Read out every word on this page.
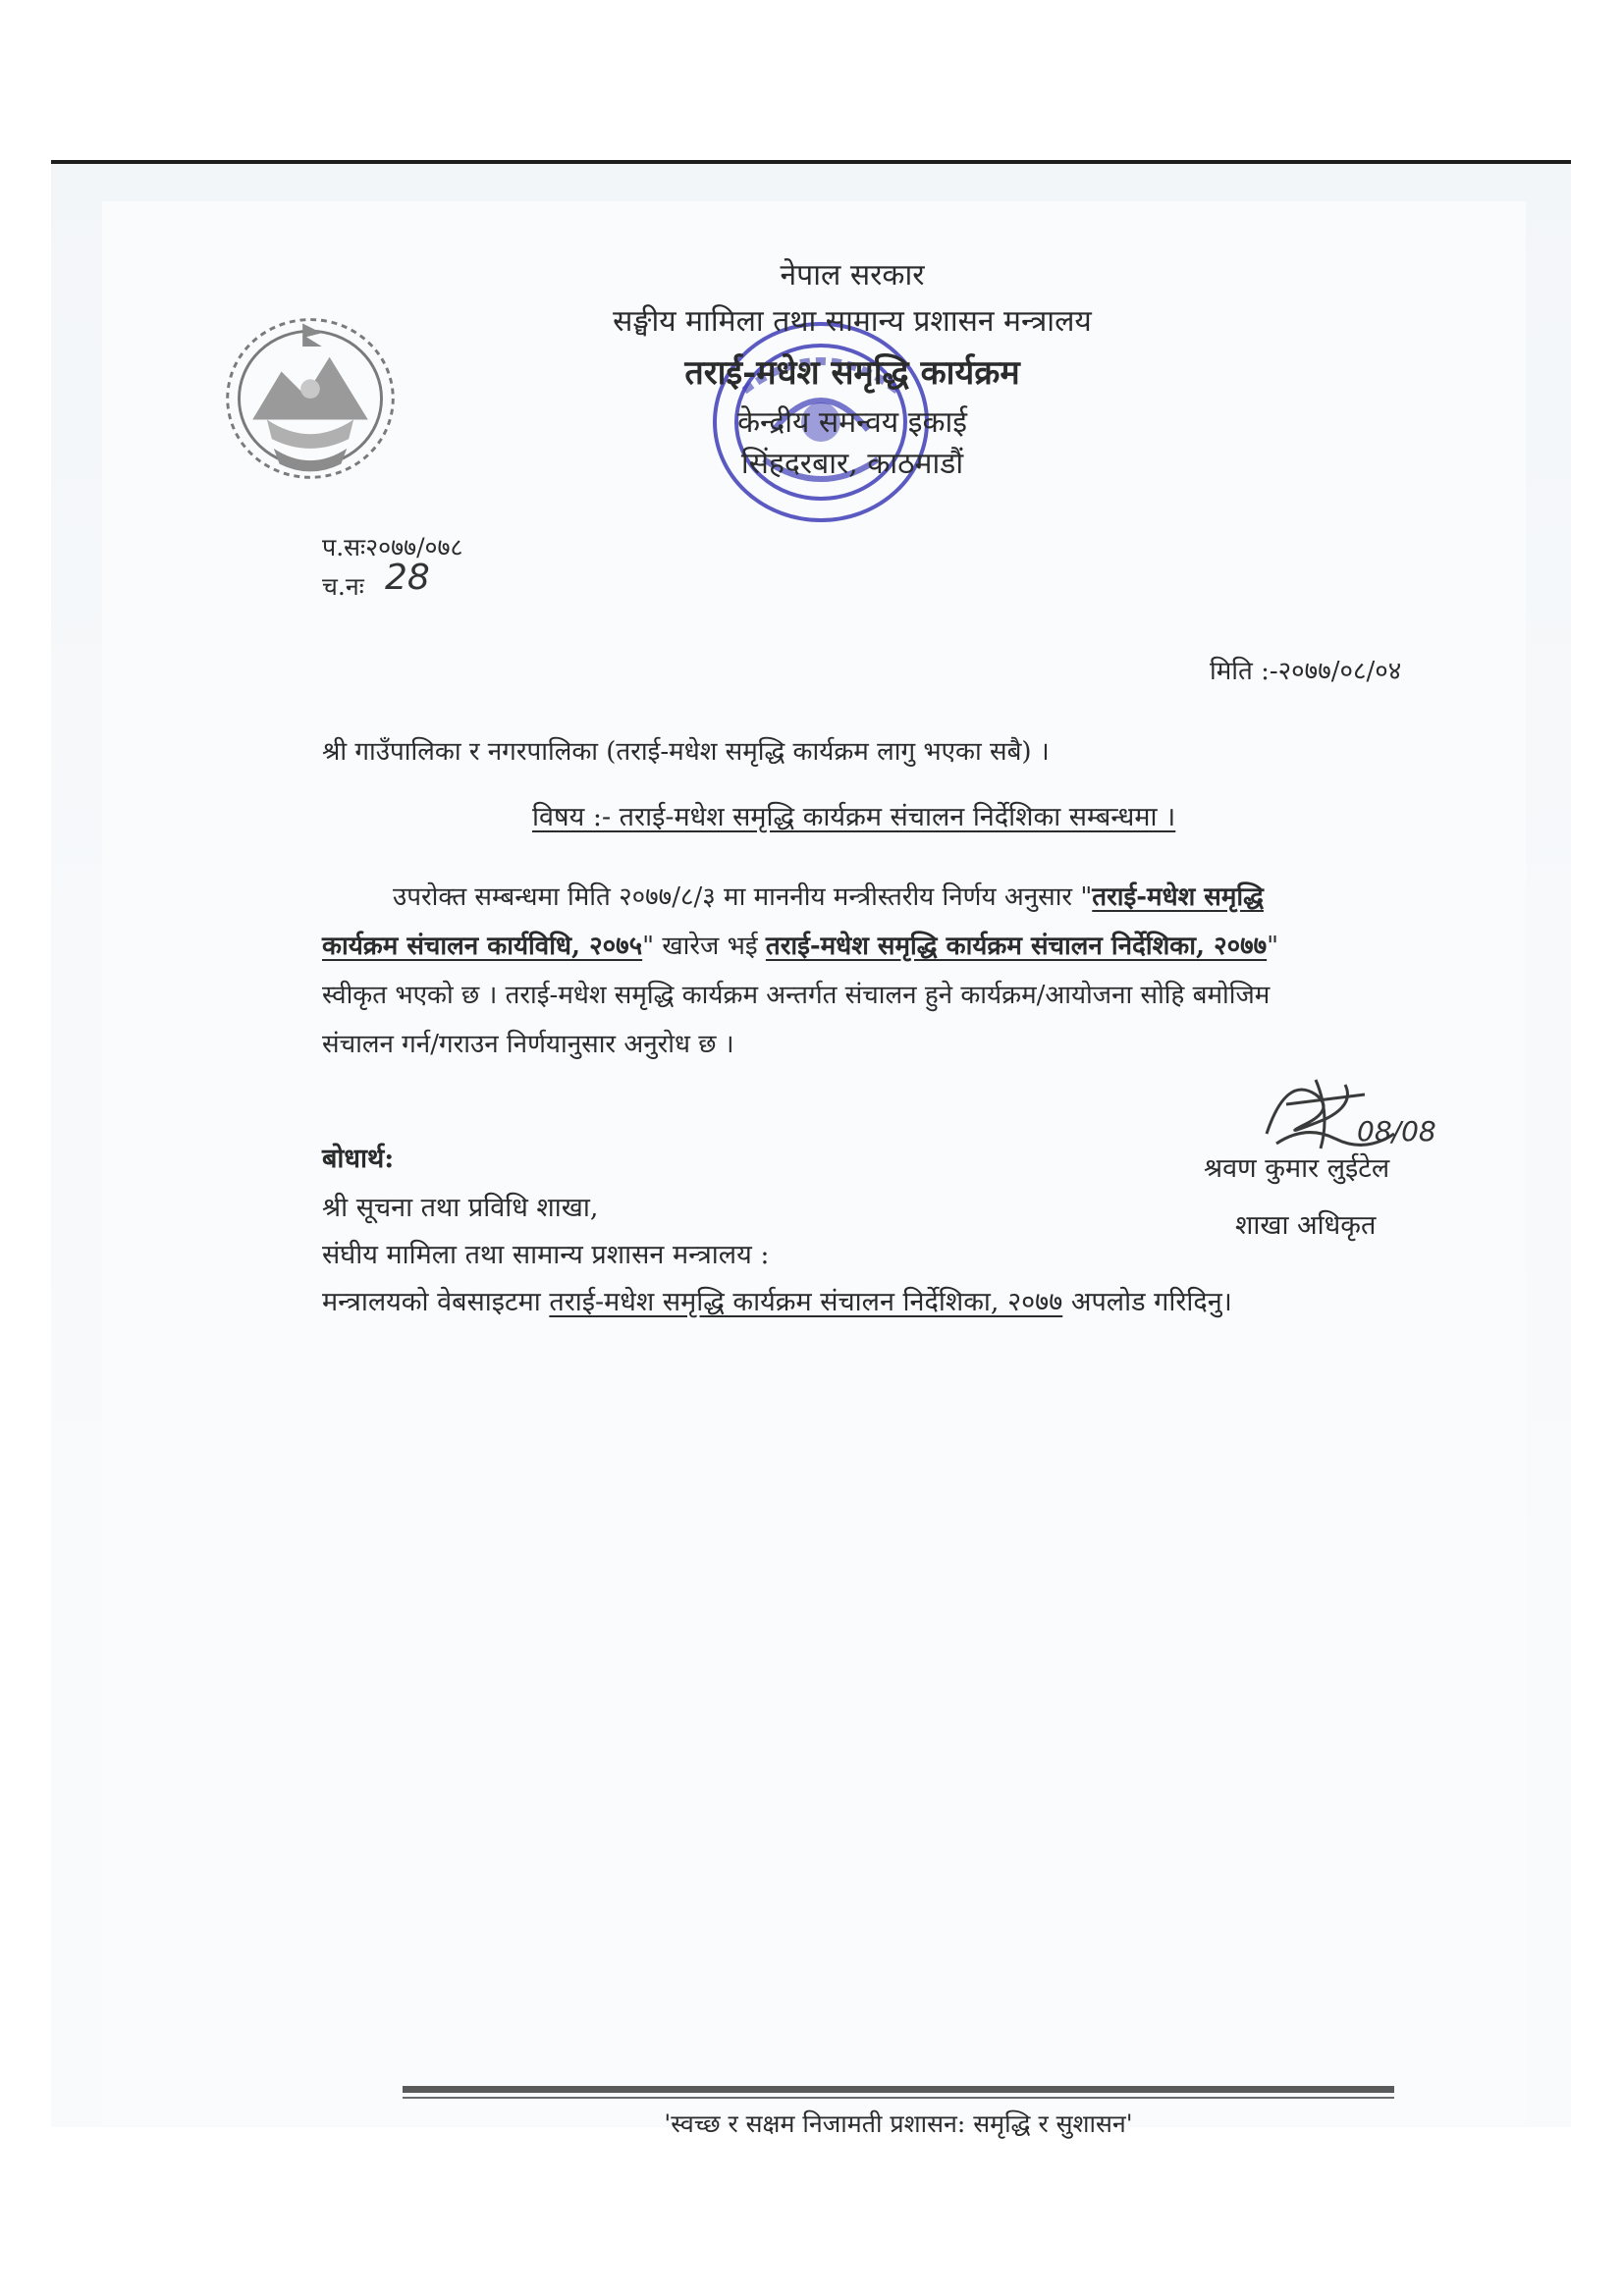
नेपाल सरकार
सङ्घीय मामिला तथा सामान्य प्रशासन मन्त्रालय
तराई-मधेश समृद्धि कार्यक्रम
केन्द्रीय समन्वय इकाई
सिंहदरबार, काठमाडौं
प.सः२०७७/०७८
च.नः 28
मिति :-२०७७/०८/०४
श्री गाउँपालिका र नगरपालिका (तराई-मधेश समृद्धि कार्यक्रम लागु भएका सबै) ।
विषय :- तराई-मधेश समृद्धि कार्यक्रम संचालन निर्देशिका सम्बन्धमा ।
उपरोक्त सम्बन्धमा मिति २०७७/८/३ मा माननीय मन्त्रीस्तरीय निर्णय अनुसार "तराई-मधेश समृद्धि
कार्यक्रम संचालन कार्यविधि, २०७५" खारेज भई तराई-मधेश समृद्धि कार्यक्रम संचालन निर्देशिका, २०७७"
स्वीकृत भएको छ । तराई-मधेश समृद्धि कार्यक्रम अन्तर्गत संचालन हुने कार्यक्रम/आयोजना सोहि बमोजिम
संचालन गर्न/गराउन निर्णयानुसार अनुरोध छ ।
08/08
श्रवण कुमार लुईटेल
शाखा अधिकृत
बोधार्थ:
श्री सूचना तथा प्रविधि शाखा,
संघीय मामिला तथा सामान्य प्रशासन मन्त्रालय :
मन्त्रालयको वेबसाइटमा तराई-मधेश समृद्धि कार्यक्रम संचालन निर्देशिका, २०७७ अपलोड गरिदिनु।
'स्वच्छ र सक्षम निजामती प्रशासन: समृद्धि र सुशासन'
